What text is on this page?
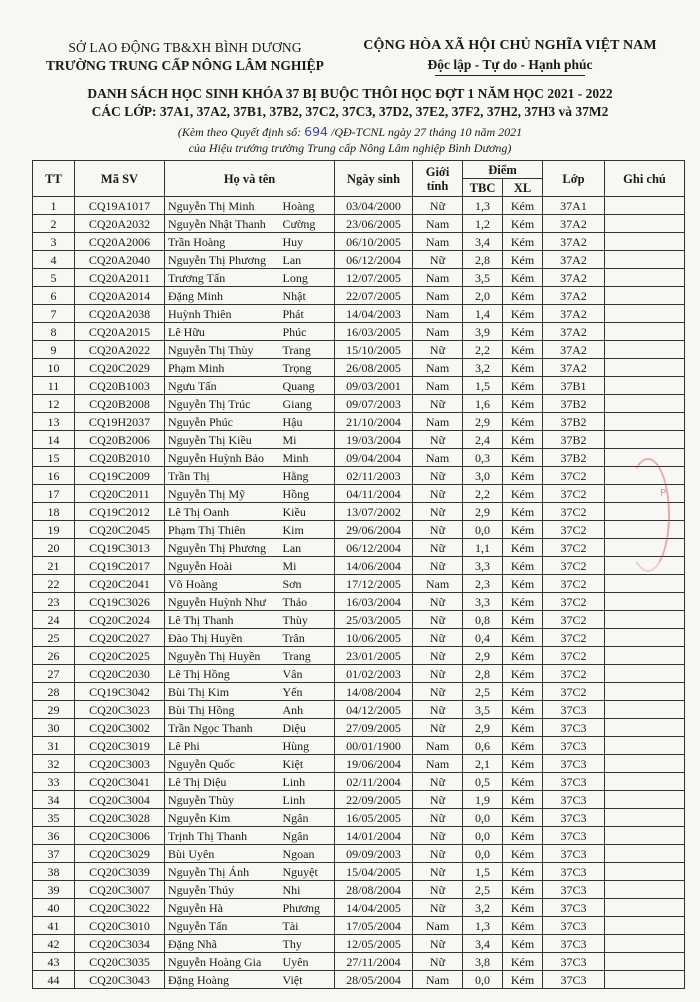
SỞ LAO ĐỘNG TB&XH BÌNH DƯƠNG
TRƯỜNG TRUNG CẤP NÔNG LÂM NGHIỆP
CỘNG HÒA XÃ HỘI CHỦ NGHĨA VIỆT NAM
Độc lập - Tự do - Hạnh phúc
DANH SÁCH HỌC SINH KHÓA 37 BỊ BUỘC THÔI HỌC ĐỢT 1 NĂM HỌC 2021 - 2022
CÁC LỚP: 37A1, 37A2, 37B1, 37B2, 37C2, 37C3, 37D2, 37E2, 37F2, 37H2, 37H3 và 37M2
(Kèm theo Quyết định số: 694 /QĐ-TCNL ngày 27 tháng 10 năm 2021
của Hiệu trưởng trường Trung cấp Nông Lâm nghiệp Bình Dương)
TT	Mã SV	Họ và tên		Ngày sinh	Giới tính	Điểm		Lớp	Ghi chú
						TBC	XL		
1	CQ19A1017	Nguyễn Thị Minh	Hoàng	03/04/2000	Nữ	1,3	Kém	37A1	
2	CQ20A2032	Nguyễn Nhật Thanh	Cường	23/06/2005	Nam	1,2	Kém	37A2	
3	CQ20A2006	Trần Hoàng	Huy	06/10/2005	Nam	3,4	Kém	37A2	
4	CQ20A2040	Nguyễn Thị Phương	Lan	06/12/2004	Nữ	2,8	Kém	37A2	
5	CQ20A2011	Trương Tấn	Long	12/07/2005	Nam	3,5	Kém	37A2	
6	CQ20A2014	Đặng Minh	Nhật	22/07/2005	Nam	2,0	Kém	37A2	
7	CQ20A2038	Huỳnh Thiên	Phát	14/04/2003	Nam	1,4	Kém	37A2	
8	CQ20A2015	Lê Hữu	Phúc	16/03/2005	Nam	3,9	Kém	37A2	
9	CQ20A2022	Nguyễn Thị Thùy	Trang	15/10/2005	Nữ	2,2	Kém	37A2	
10	CQ20C2029	Phạm Minh	Trọng	26/08/2005	Nam	3,2	Kém	37A2	
11	CQ20B1003	Ngưu Tấn	Quang	09/03/2001	Nam	1,5	Kém	37B1	
12	CQ20B2008	Nguyễn Thị Trúc	Giang	09/07/2003	Nữ	1,6	Kém	37B2	
13	CQ19H2037	Nguyễn Phúc	Hậu	21/10/2004	Nam	2,9	Kém	37B2	
14	CQ20B2006	Nguyễn Thị Kiều	Mi	19/03/2004	Nữ	2,4	Kém	37B2	
15	CQ20B2010	Nguyễn Huỳnh Bảo	Minh	09/04/2004	Nam	0,3	Kém	37B2	
16	CQ19C2009	Trần Thị	Hằng	02/11/2003	Nữ	3,0	Kém	37C2	
17	CQ20C2011	Nguyễn Thị Mỹ	Hồng	04/11/2004	Nữ	2,2	Kém	37C2	
18	CQ19C2012	Lê Thị Oanh	Kiều	13/07/2002	Nữ	2,9	Kém	37C2	
19	CQ20C2045	Phạm Thị Thiên	Kim	29/06/2004	Nữ	0,0	Kém	37C2	
20	CQ19C3013	Nguyễn Thị Phương	Lan	06/12/2004	Nữ	1,1	Kém	37C2	
21	CQ19C2017	Nguyễn Hoài	Mi	14/06/2004	Nữ	3,3	Kém	37C2	
22	CQ20C2041	Võ Hoàng	Sơn	17/12/2005	Nam	2,3	Kém	37C2	
23	CQ19C3026	Nguyễn Huỳnh Như	Thảo	16/03/2004	Nữ	3,3	Kém	37C2	
24	CQ20C2024	Lê Thị Thanh	Thùy	25/03/2005	Nữ	0,8	Kém	37C2	
25	CQ20C2027	Đào Thị Huyền	Trân	10/06/2005	Nữ	0,4	Kém	37C2	
26	CQ20C2025	Nguyễn Thị Huyền	Trang	23/01/2005	Nữ	2,9	Kém	37C2	
27	CQ20C2030	Lê Thị Hồng	Vân	01/02/2003	Nữ	2,8	Kém	37C2	
28	CQ19C3042	Bùi Thị Kim	Yến	14/08/2004	Nữ	2,5	Kém	37C2	
29	CQ20C3023	Bùi Thị Hồng	Anh	04/12/2005	Nữ	3,5	Kém	37C3	
30	CQ20C3002	Trần Ngọc Thanh	Diệu	27/09/2005	Nữ	2,9	Kém	37C3	
31	CQ20C3019	Lê Phi	Hùng	00/01/1900	Nam	0,6	Kém	37C3	
32	CQ20C3003	Nguyễn Quốc	Kiệt	19/06/2004	Nam	2,1	Kém	37C3	
33	CQ20C3041	Lê Thị Diệu	Linh	02/11/2004	Nữ	0,5	Kém	37C3	
34	CQ20C3004	Nguyễn Thùy	Linh	22/09/2005	Nữ	1,9	Kém	37C3	
35	CQ20C3028	Nguyễn Kim	Ngân	16/05/2005	Nữ	0,0	Kém	37C3	
36	CQ20C3006	Trịnh Thị Thanh	Ngân	14/01/2004	Nữ	0,0	Kém	37C3	
37	CQ20C3029	Bùi Uyên	Ngoan	09/09/2003	Nữ	0,0	Kém	37C3	
38	CQ20C3039	Nguyễn Thị Ánh	Nguyệt	15/04/2005	Nữ	1,5	Kém	37C3	
39	CQ20C3007	Nguyễn Thúy	Nhi	28/08/2004	Nữ	2,5	Kém	37C3	
40	CQ20C3022	Nguyễn Hà	Phương	14/04/2005	Nữ	3,2	Kém	37C3	
41	CQ20C3010	Nguyễn Tấn	Tài	17/05/2004	Nam	1,3	Kém	37C3	
42	CQ20C3034	Đặng Nhã	Thy	12/05/2005	Nữ	3,4	Kém	37C3	
43	CQ20C3035	Nguyễn Hoàng Gia	Uyên	27/11/2004	Nữ	3,8	Kém	37C3	
44	CQ20C3043	Đặng Hoàng	Việt	28/05/2004	Nam	0,0	Kém	37C3	
P
